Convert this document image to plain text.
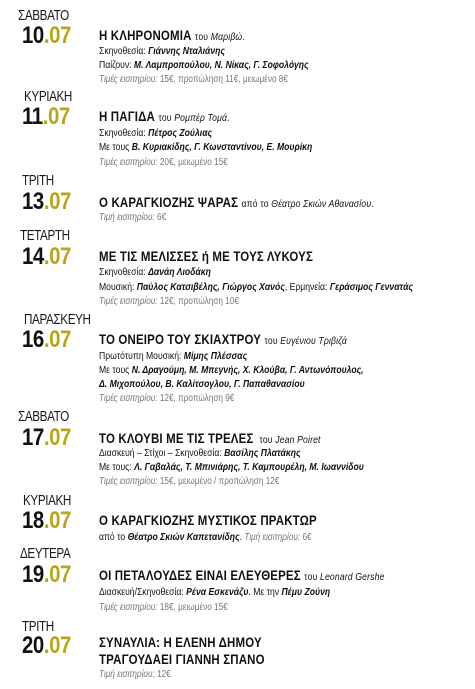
ΣΑΒΒΑΤΟ
10.07 Η ΚΛΗΡΟΝΟΜΙΑ του Μαριβώ.
Σκηνοθεσία: Γιάννης Νταλιάνης
Παίζουν: Μ. Λαμπροπούλου, Ν. Νίκας, Γ. Σοφολόγης
Τιμές εισιτηρίου: 15€, προπώληση 11€, μειωμένο 8€
ΚΥΡΙΑΚΗ
11.07 Η ΠΑΓΙΔΑ του Ρομπέρ Τομά.
Σκηνοθεσία: Πέτρος Ζούλιας
Με τους Β. Κυριακίδης, Γ. Κωνσταντίνου, Ε. Μουρίκη
Τιμές εισιτηρίου: 20€, μειωμένο 15€
ΤΡΙΤΗ
13.07 Ο ΚΑΡΑΓΚΙΟΖΗΣ ΨΑΡΑΣ από το Θέατρο Σκιών Αθανασίου.
Τιμή εισιτηρίου: 6€
ΤΕΤΑΡΤΗ
14.07 ΜΕ ΤΙΣ ΜΕΛΙΣΣΕΣ ή ΜΕ ΤΟΥΣ ΛΥΚΟΥΣ
Σκηνοθεσία: Δανάη Λιοδάκη
Μουσική: Παύλος Κατσιβέλης, Γιώργος Χανός, Ερμηνεία: Γεράσιμος Γεννατάς
Τιμές εισιτηρίου: 12€, προπώληση 10€
ΠΑΡΑΣΚΕΥΗ
16.07 ΤΟ ΟΝΕΙΡΟ ΤΟΥ ΣΚΙΑΧΤΡΟΥ του Ευγένιου Τριβιζά
Πρωτότυπη Μουσική: Μίμης Πλέσσας
Με τους Ν. Δραγούμη, Μ. Μπεγνής, Χ. Κλούβα, Γ. Αντωνόπουλος,
Δ. Μιχοπούλου, Β. Καλίτσογλου, Γ. Παπαθανασίου
Τιμές εισιτηρίου: 12€, προπώληση 9€
ΣΑΒΒΑΤΟ
17.07 ΤΟ ΚΛΟΥΒΙ ΜΕ ΤΙΣ ΤΡΕΛΕΣ του Jean Poiret
Διασκευή – Στίχοι – Σκηνοθεσία: Βασίλης Πλατάκης
Με τους: Λ. Γαβαλάς, Τ. Μπινιάρης, Τ. Καμπουρέλη, Μ. Ιωαννίδου
Τιμές εισιτηρίου: 15€, μειωμένο / προπώληση 12€
ΚΥΡΙΑΚΗ
18.07 Ο ΚΑΡΑΓΚΙΟΖΗΣ ΜΥΣΤΙΚΟΣ ΠΡΑΚΤΩΡ
από το Θέατρο Σκιών Καπετανίδης. Τιμή εισιτηρίου: 6€
ΔΕΥΤΕΡΑ
19.07 ΟΙ ΠΕΤΑΛΟΥΔΕΣ ΕΙΝΑΙ ΕΛΕΥΘΕΡΕΣ του Leonard Gershe
Διασκευή/Σκηνοθεσία: Ρένα Εσκενάζυ. Με την Πέμυ Ζούνη
Τιμές εισιτηρίου: 18€, μειωμένο 15€
ΤΡΙΤΗ
20.07 ΣΥΝΑΥΛΙΑ: Η ΕΛΕΝΗ ΔΗΜΟΥ
ΤΡΑΓΟΥΔΑΕΙ ΓΙΑΝΝΗ ΣΠΑΝΟ
Τιμή εισιτηρίου: 12€
